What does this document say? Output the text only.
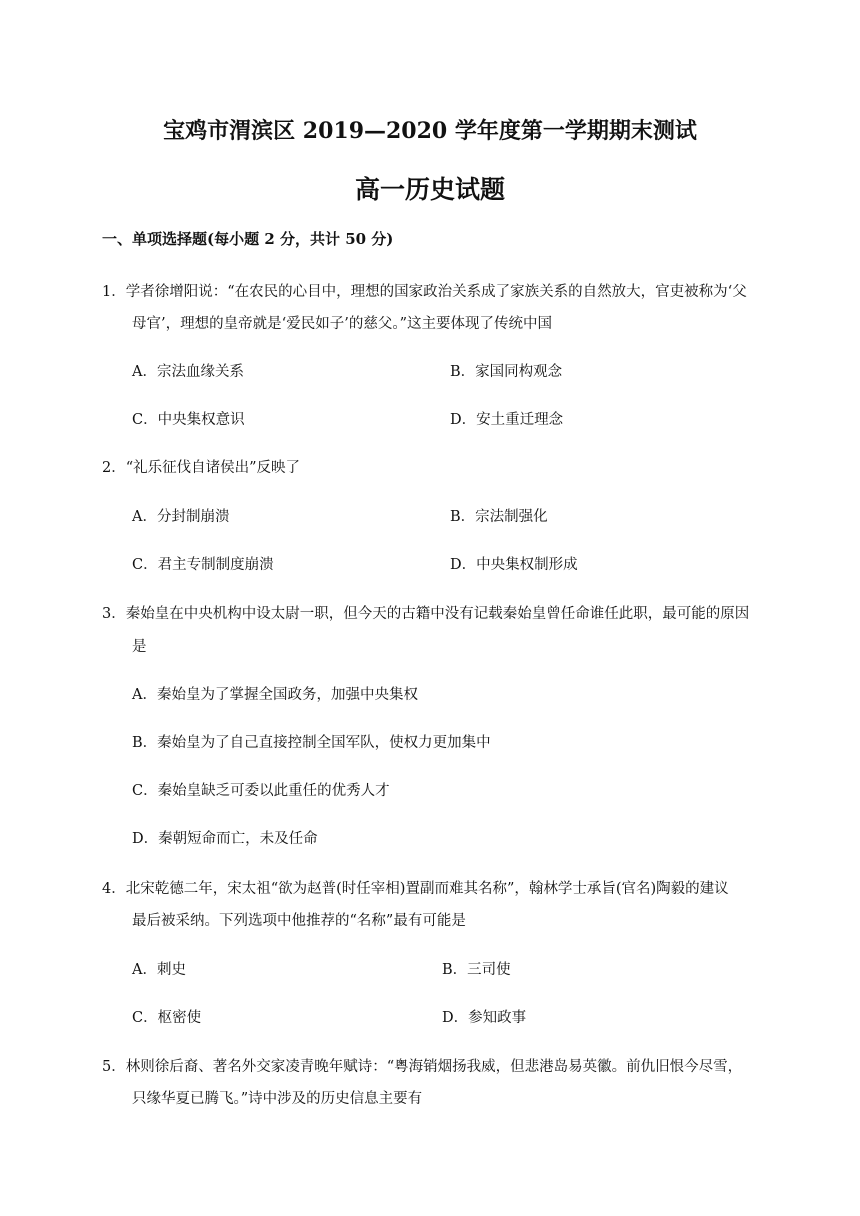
宝鸡市渭滨区 2019—2020 学年度第一学期期末测试
高一历史试题
一、单项选择题(每小题 2 分，共计 50 分)
1．学者徐增阳说：“在农民的心目中，理想的国家政治关系成了家族关系的自然放大，官吏被称为‘父
母官’，理想的皇帝就是‘爱民如子’的慈父。”这主要体现了传统中国
A．宗法血缘关系	B．家国同构观念
C．中央集权意识	D．安土重迁理念
2．“礼乐征伐自诸侯出”反映了
A．分封制崩溃	B．宗法制强化
C．君主专制制度崩溃	D．中央集权制形成
3．秦始皇在中央机构中设太尉一职，但今天的古籍中没有记载秦始皇曾任命谁任此职，最可能的原因
是
A．秦始皇为了掌握全国政务，加强中央集权
B．秦始皇为了自己直接控制全国军队，使权力更加集中
C．秦始皇缺乏可委以此重任的优秀人才
D．秦朝短命而亡，未及任命
4．北宋乾德二年，宋太祖“欲为赵普(时任宰相)置副而难其名称”，翰林学士承旨(官名)陶毅的建议
最后被采纳。下列选项中他推荐的“名称”最有可能是
A．刺史	B．三司使
C．枢密使	D．参知政事
5．林则徐后裔、著名外交家凌青晚年赋诗：“粤海销烟扬我威，但悲港岛易英徽。前仇旧恨今尽雪，
只缘华夏已腾飞。”诗中涉及的历史信息主要有
